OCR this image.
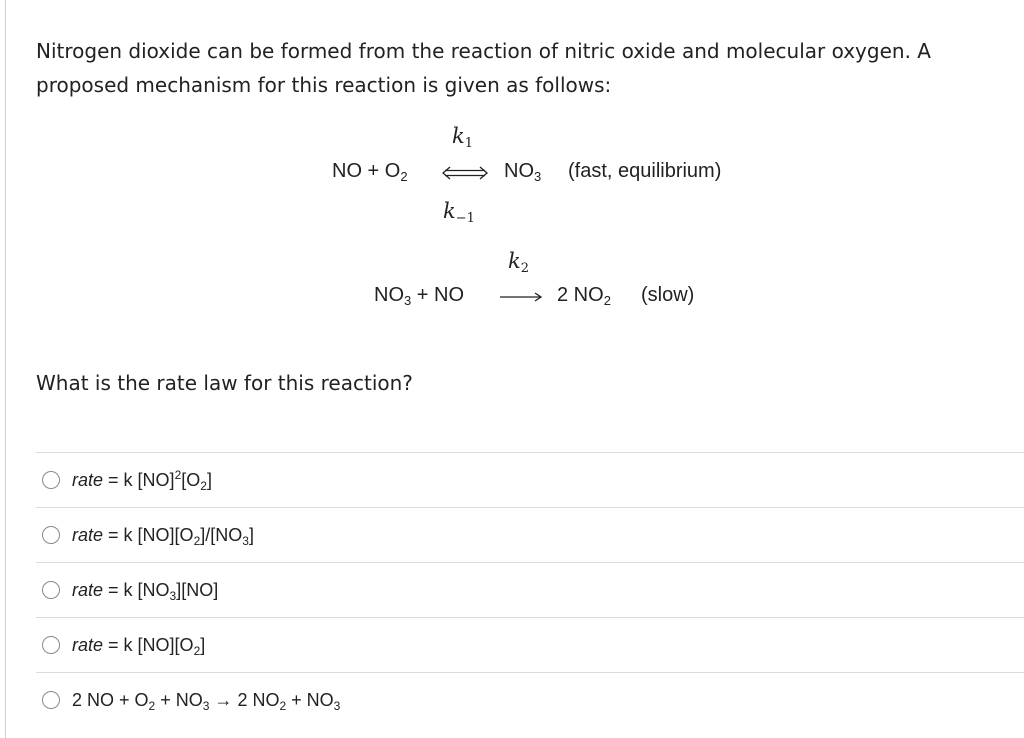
Nitrogen dioxide can be formed from the reaction of nitric oxide and molecular oxygen. A proposed mechanism for this reaction is given as follows:

$k_1$
NO + $O_2$ ⇌ $NO_3$ (fast, equilibrium)
$k_{-1}$
$k_2$
$NO_3$ + NO	2 $NO_2$ (slow)

What is the rate law for this reaction?

rate = k $[NO]^2[O_2]$
rate = k $[NO][O_2]/[NO_3]$
rate = k $[NO_3][NO]$
rate = k $[NO][O_2]$
2 NO + $O_2 + NO_3 \to 2$ $NO_2 + NO_3$
